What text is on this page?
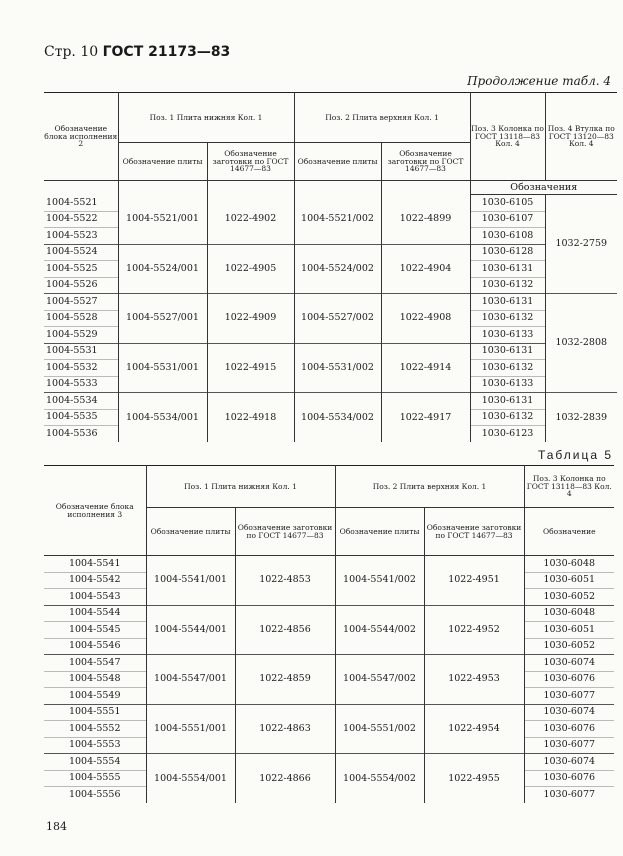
Стр. 10 ГОСТ 21173—83
Продолжение табл. 4
Обозначение блока исполнения 2	Поз. 1 Плита нижняя Кол. 1		Поз. 2 Плита верхняя Кол. 1		Поз. 3 Колонка по ГОСТ 13118—83 Кол. 4	Поз. 4 Втулка по ГОСТ 13120—83 Кол. 4
	Обозначение плиты	Обозначение заготовки по ГОСТ 14677—83	Обозначение плиты	Обозначение заготовки по ГОСТ 14677—83		
					Обозначения	
1004-5521	1004-5521/001	1022-4902	1004-5521/002	1022-4899	1030-6105	1032-2759
1004-5522					1030-6107	
1004-5523					1030-6108	
1004-5524	1004-5524/001	1022-4905	1004-5524/002	1022-4904	1030-6128	
1004-5525					1030-6131	
1004-5526					1030-6132	
1004-5527	1004-5527/001	1022-4909	1004-5527/002	1022-4908	1030-6131	1032-2808
1004-5528					1030-6132	
1004-5529					1030-6133	
1004-5531	1004-5531/001	1022-4915	1004-5531/002	1022-4914	1030-6131	
1004-5532					1030-6132	
1004-5533					1030-6133	
1004-5534	1004-5534/001	1022-4918	1004-5534/002	1022-4917	1030-6131	1032-2839
1004-5535					1030-6132	
1004-5536					1030-6123	
Таблица 5
Обозначение блока исполнения 3	Поз. 1 Плита нижняя Кол. 1		Поз. 2 Плита верхняя Кол. 1		Поз. 3 Колонка по ГОСТ 13118—83 Кол. 4
	Обозначение плиты	Обозначение заготовки по ГОСТ 14677—83	Обозначение плиты	Обозначение заготовки по ГОСТ 14677—83	Обозначение
1004-5541	1004-5541/001	1022-4853	1004-5541/002	1022-4951	1030-6048
1004-5542					1030-6051
1004-5543					1030-6052
1004-5544	1004-5544/001	1022-4856	1004-5544/002	1022-4952	1030-6048
1004-5545					1030-6051
1004-5546					1030-6052
1004-5547	1004-5547/001	1022-4859	1004-5547/002	1022-4953	1030-6074
1004-5548					1030-6076
1004-5549					1030-6077
1004-5551	1004-5551/001	1022-4863	1004-5551/002	1022-4954	1030-6074
1004-5552					1030-6076
1004-5553					1030-6077
1004-5554	1004-5554/001	1022-4866	1004-5554/002	1022-4955	1030-6074
1004-5555					1030-6076
1004-5556					1030-6077
184
